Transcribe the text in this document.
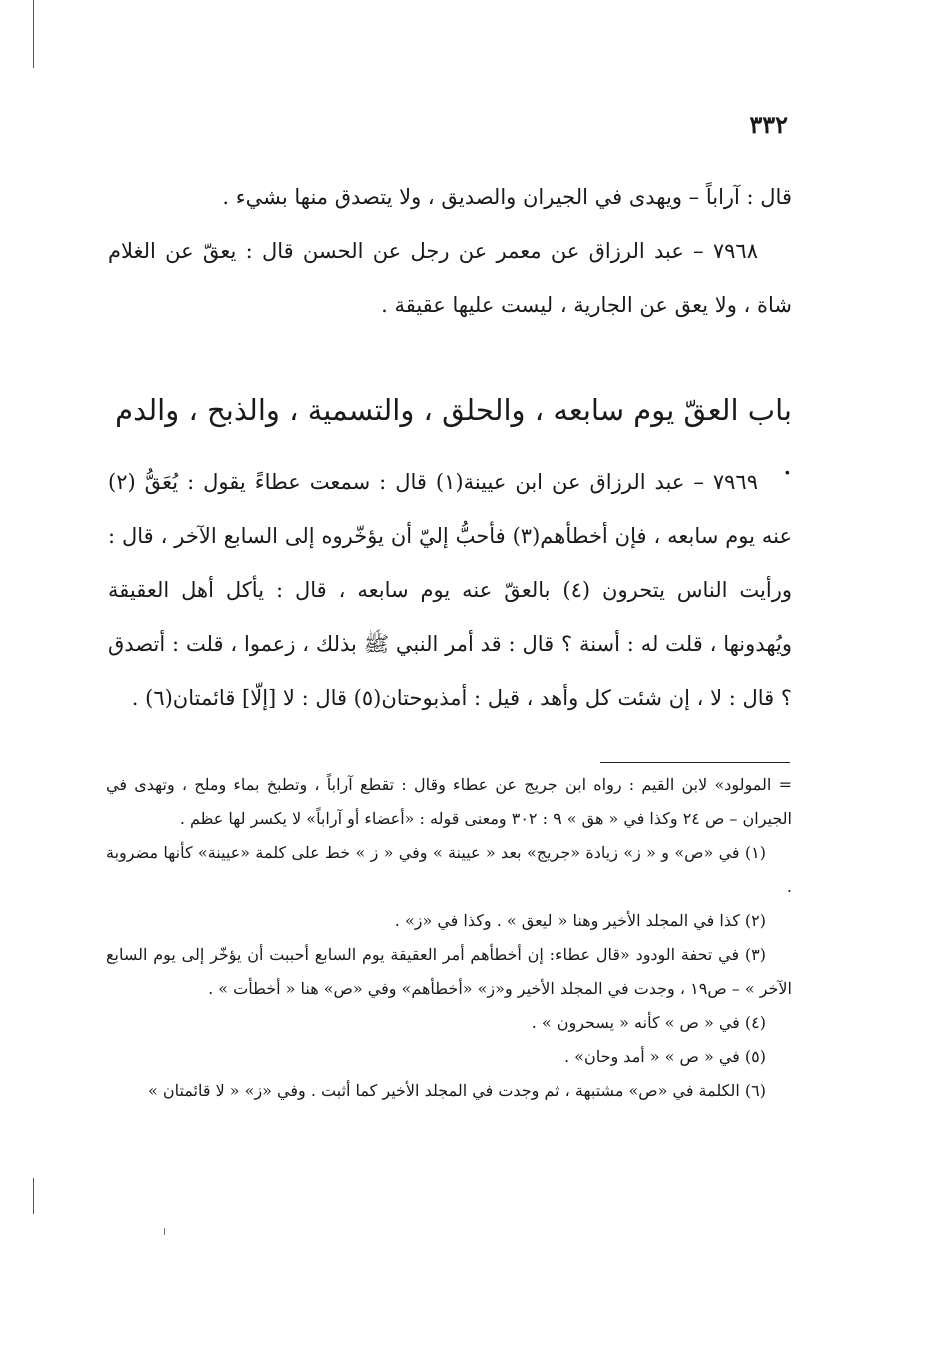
٣٣٢

قال : آراباً – ويهدى في الجيران والصديق ، ولا يتصدق منها بشيء .

٧٩٦٨ – عبد الرزاق عن معمر عن رجل عن الحسن قال : يعقّ عن الغلام شاة ، ولا يعق عن الجارية ، ليست عليها عقيقة .

باب العقّ يوم سابعه ، والحلق ، والتسمية ، والذبح ، والدم .

٧٩٦٩ – عبد الرزاق عن ابن عيينة(١) قال : سمعت عطاءً يقول : يُعَقُّ (٢) عنه يوم سابعه ، فإن أخطأهم(٣) فأحبُّ إليّ أن يؤخّروه إلى السابع الآخر ، قال : ورأيت الناس يتحرون (٤) بالعقّ عنه يوم سابعه ، قال : يأكل أهل العقيقة ويُهدونها ، قلت له : أسنة ؟ قال : قد أمر النبي ﷺ بذلك ، زعموا ، قلت : أتصدق ؟ قال : لا ، إن شئت كل وأهد ، قيل : أمذبوحتان(٥) قال : لا [إلّا] قائمتان(٦) .

= المولود» لابن القيم : رواه ابن جريج عن عطاء وقال : تقطع آراباً ، وتطبخ بماء وملح ، وتهدى في الجيران – ص ٢٤ وكذا في « هق » ٩ : ٣٠٢ ومعنى قوله : «أعضاء أو آراباً» لا يكسر لها عظم .

(١) في «ص» و « ز» زيادة «جريج» بعد « عيينة » وفي « ز » خط على كلمة «عيينة» كأنها مضروبة .

(٢) كذا في المجلد الأخير وهنا « ليعق » . وكذا في «ز» .

(٣) في تحفة الودود «قال عطاء: إن أخطأهم أمر العقيقة يوم السابع أحببت أن يؤخّر إلى يوم السابع الآخر » – ص١٩ ، وجدت في المجلد الأخير و«ز» «أخطأهم» وفي «ص» هنا « أخطأت » .

(٤) في « ص » كأنه « يسحرون » .

(٥) في « ص » « أمد وحان» .

(٦) الكلمة في «ص» مشتبهة ، ثم وجدت في المجلد الأخير كما أثبت . وفي «ز» « لا قائمتان »
